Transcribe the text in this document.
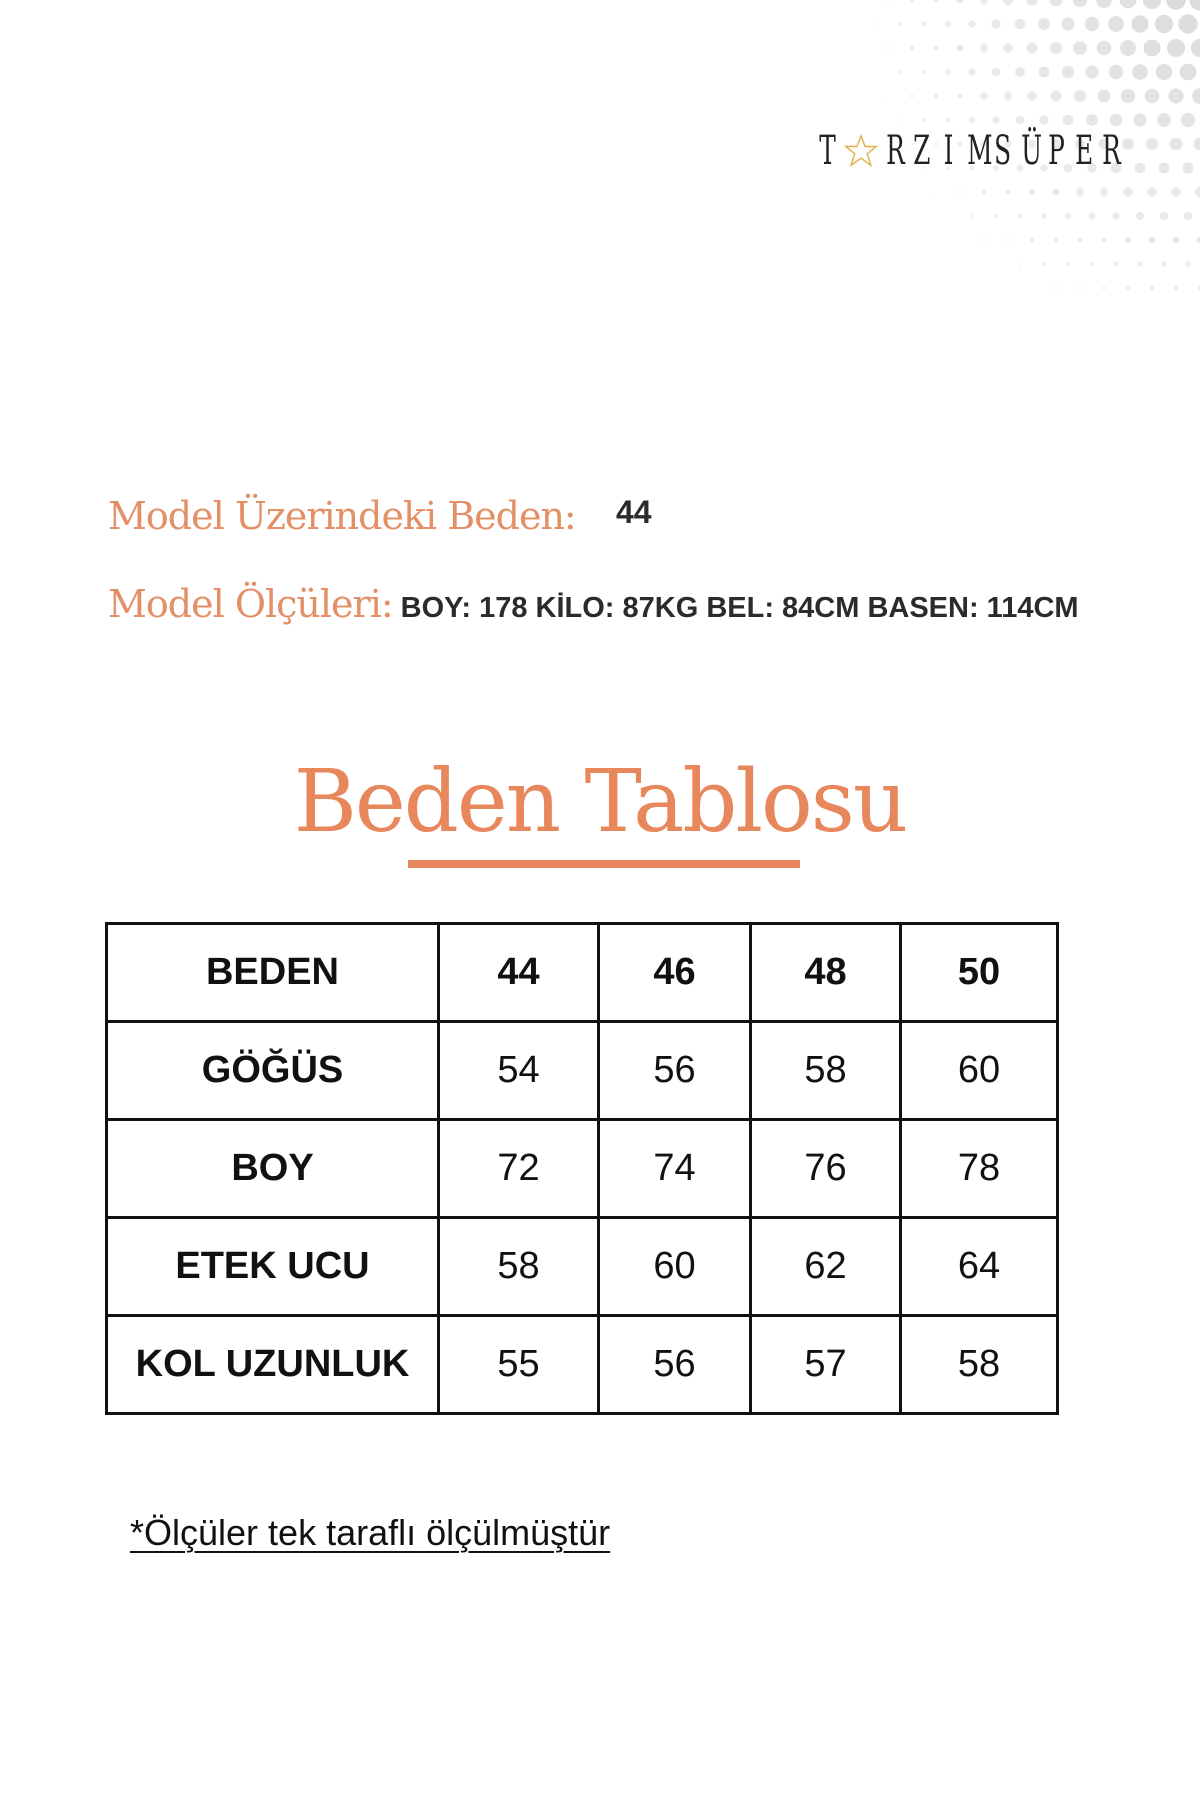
T R Z I M S Ü P E R
Model Üzerindeki Beden: 44
Model Ölçüleri: BOY: 178 KİLO: 87KG BEL: 84CM BASEN: 114CM
Beden Tablosu
BEDEN	44	46	48	50
GÖĞÜS	54	56	58	60
BOY	72	74	76	78
ETEK UCU	58	60	62	64
KOL UZUNLUK	55	56	57	58
*Ölçüler tek taraflı ölçülmüştür
